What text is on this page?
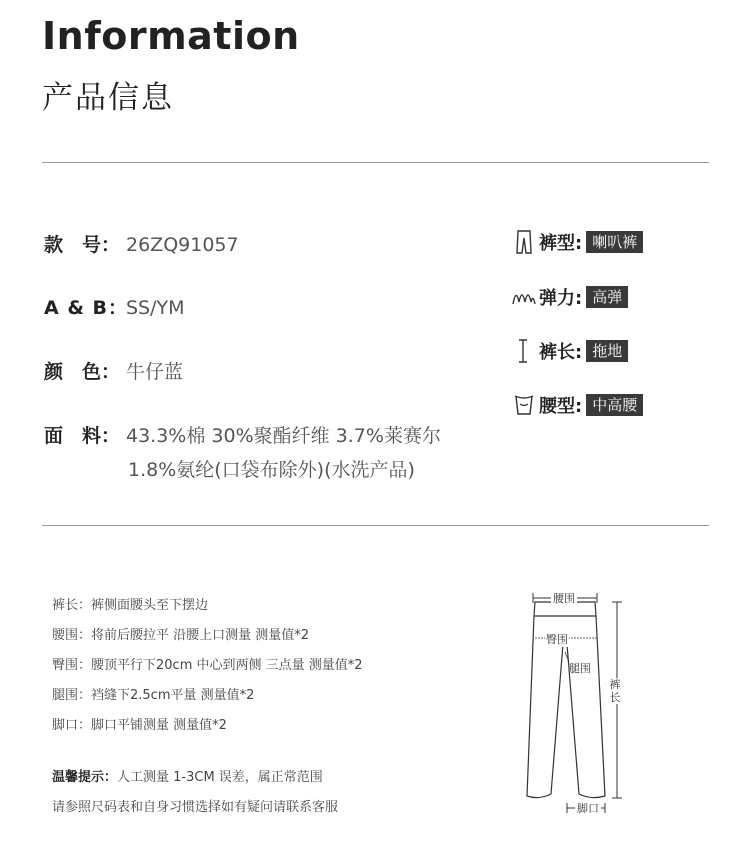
Information
产品信息
款　号： 26ZQ91057
A & B：SS/YM
颜　色： 牛仔蓝
面　料： 43.3%棉 30%聚酯纤维 3.7%莱赛尔
1.8%氨纶(口袋布除外)(水洗产品)
裤型: 喇叭裤
弹力: 高弹
裤长: 拖地
腰型: 中高腰
裤长：裤侧面腰头至下摆边
腰围：将前后腰拉平 沿腰上口测量 测量值*2
臀围：腰顶平行下20cm 中心到两侧 三点量 测量值*2
腿围：裆缝下2.5cm平量 测量值*2
脚口：脚口平铺测量 测量值*2
温馨提示：人工测量 1-3CM 误差，属正常范围
请参照尺码表和自身习惯选择如有疑问请联系客服
腰围
臀围
腿围
裤长
脚口
